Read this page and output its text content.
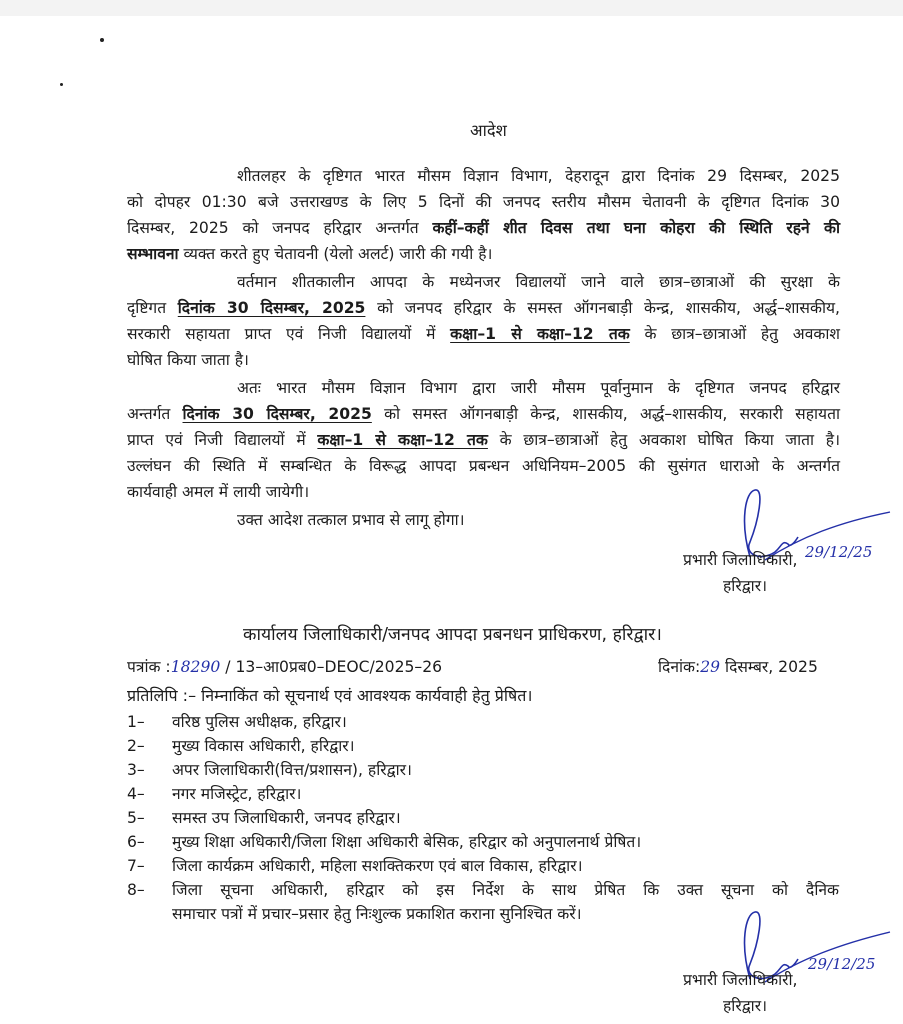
आदेश
शीतलहर के दृष्टिगत भारत मौसम विज्ञान विभाग, देहरादून द्वारा दिनांक 29 दिसम्बर, 2025
को दोपहर 01:30 बजे उत्तराखण्ड के लिए 5 दिनों की जनपद स्तरीय मौसम चेतावनी के दृष्टिगत दिनांक 30
दिसम्बर, 2025 को जनपद हरिद्वार अन्तर्गत कहीं–कहीं शीत दिवस तथा घना कोहरा की स्थिति रहने की
सम्भावना व्यक्त करते हुए चेतावनी (येलो अलर्ट) जारी की गयी है।
वर्तमान शीतकालीन आपदा के मध्येनजर विद्यालयों जाने वाले छात्र–छात्राओं की सुरक्षा के
दृष्टिगत दिनांक 30 दिसम्बर, 2025 को जनपद हरिद्वार के समस्त ऑगनबाड़ी केन्द्र, शासकीय, अर्द्ध–शासकीय,
सरकारी सहायता प्राप्त एवं निजी विद्यालयों में कक्षा–1 से कक्षा–12 तक के छात्र–छात्राओं हेतु अवकाश
घोषित किया जाता है।
अतः भारत मौसम विज्ञान विभाग द्वारा जारी मौसम पूर्वानुमान के दृष्टिगत जनपद हरिद्वार
अन्तर्गत दिनांक 30 दिसम्बर, 2025 को समस्त ऑगनबाड़ी केन्द्र, शासकीय, अर्द्ध–शासकीय, सरकारी सहायता
प्राप्त एवं निजी विद्यालयों में कक्षा–1 से कक्षा–12 तक के छात्र–छात्राओं हेतु अवकाश घोषित किया जाता है।
उल्लंघन की स्थिति में सम्बन्धित के विरूद्ध आपदा प्रबन्धन अधिनियम–2005 की सुसंगत धाराओ के अन्तर्गत
कार्यवाही अमल में लायी जायेगी।
उक्त आदेश तत्काल प्रभाव से लागू होगा।
29/12/25
प्रभारी जिलाधिकारी,
हरिद्वार।
कार्यालय जिलाधिकारी/जनपद आपदा प्रबनधन प्राधिकरण, हरिद्वार।
पत्रांक :18290 / 13–आ0प्रब0–DEOC/2025–26	दिनांक:29 दिसम्बर, 2025
प्रतिलिपि :– निम्नाकिंत को सूचनार्थ एवं आवश्यक कार्यवाही हेतु प्रेषित।
1– वरिष्ठ पुलिस अधीक्षक, हरिद्वार।
2– मुख्य विकास अधिकारी, हरिद्वार।
3– अपर जिलाधिकारी(वित्त/प्रशासन), हरिद्वार।
4– नगर मजिस्ट्रेट, हरिद्वार।
5– समस्त उप जिलाधिकारी, जनपद हरिद्वार।
6– मुख्य शिक्षा अधिकारी/जिला शिक्षा अधिकारी बेसिक, हरिद्वार को अनुपालनार्थ प्रेषित।
7– जिला कार्यक्रम अधिकारी, महिला सशक्तिकरण एवं बाल विकास, हरिद्वार।
8– जिला सूचना अधिकारी, हरिद्वार को इस निर्देश के साथ प्रेषित कि उक्त सूचना को दैनिक
समाचार पत्रों में प्रचार–प्रसार हेतु निःशुल्क प्रकाशित कराना सुनिश्चित करें।
29/12/25
प्रभारी जिलाधिकारी,
हरिद्वार।
